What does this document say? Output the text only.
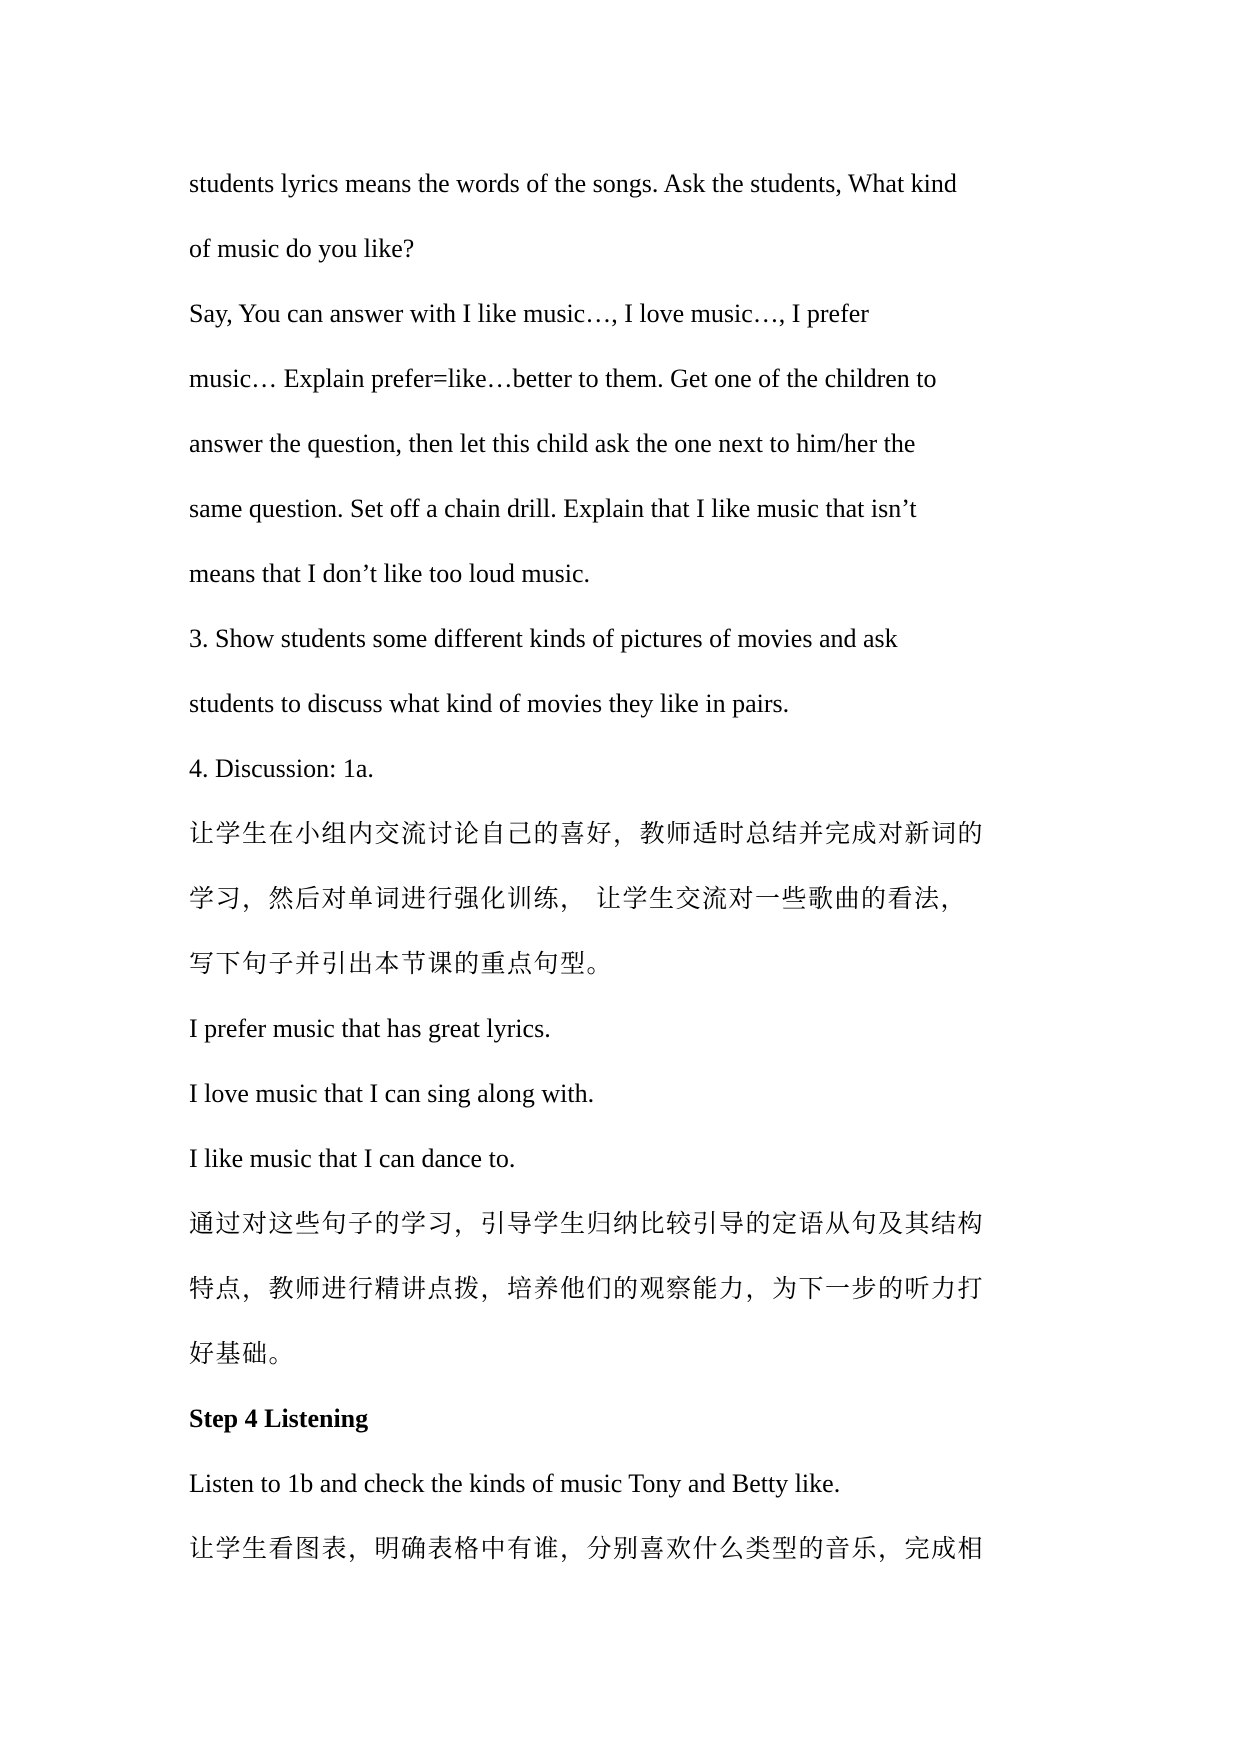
students lyrics means the words of the songs. Ask the students, What kind
of music do you like?
Say, You can answer with I like music…, I love music…, I prefer
music… Explain prefer=like…better to them. Get one of the children to
answer the question, then let this child ask the one next to him/her the
same question. Set off a chain drill. Explain that I like music that isn’t
means that I don’t like too loud music.
3. Show students some different kinds of pictures of movies and ask
students to discuss what kind of movies they like in pairs.
4. Discussion: 1a.
让学生在小组内交流讨论自己的喜好，教师适时总结并完成对新词的
学习，然后对单词进行强化训练， 让学生交流对一些歌曲的看法，
写下句子并引出本节课的重点句型。
I prefer music that has great lyrics.
I love music that I can sing along with.
I like music that I can dance to.
通过对这些句子的学习，引导学生归纳比较引导的定语从句及其结构
特点，教师进行精讲点拨，培养他们的观察能力，为下一步的听力打
好基础。
Step 4 Listening
Listen to 1b and check the kinds of music Tony and Betty like.
让学生看图表，明确表格中有谁，分别喜欢什么类型的音乐，完成相
